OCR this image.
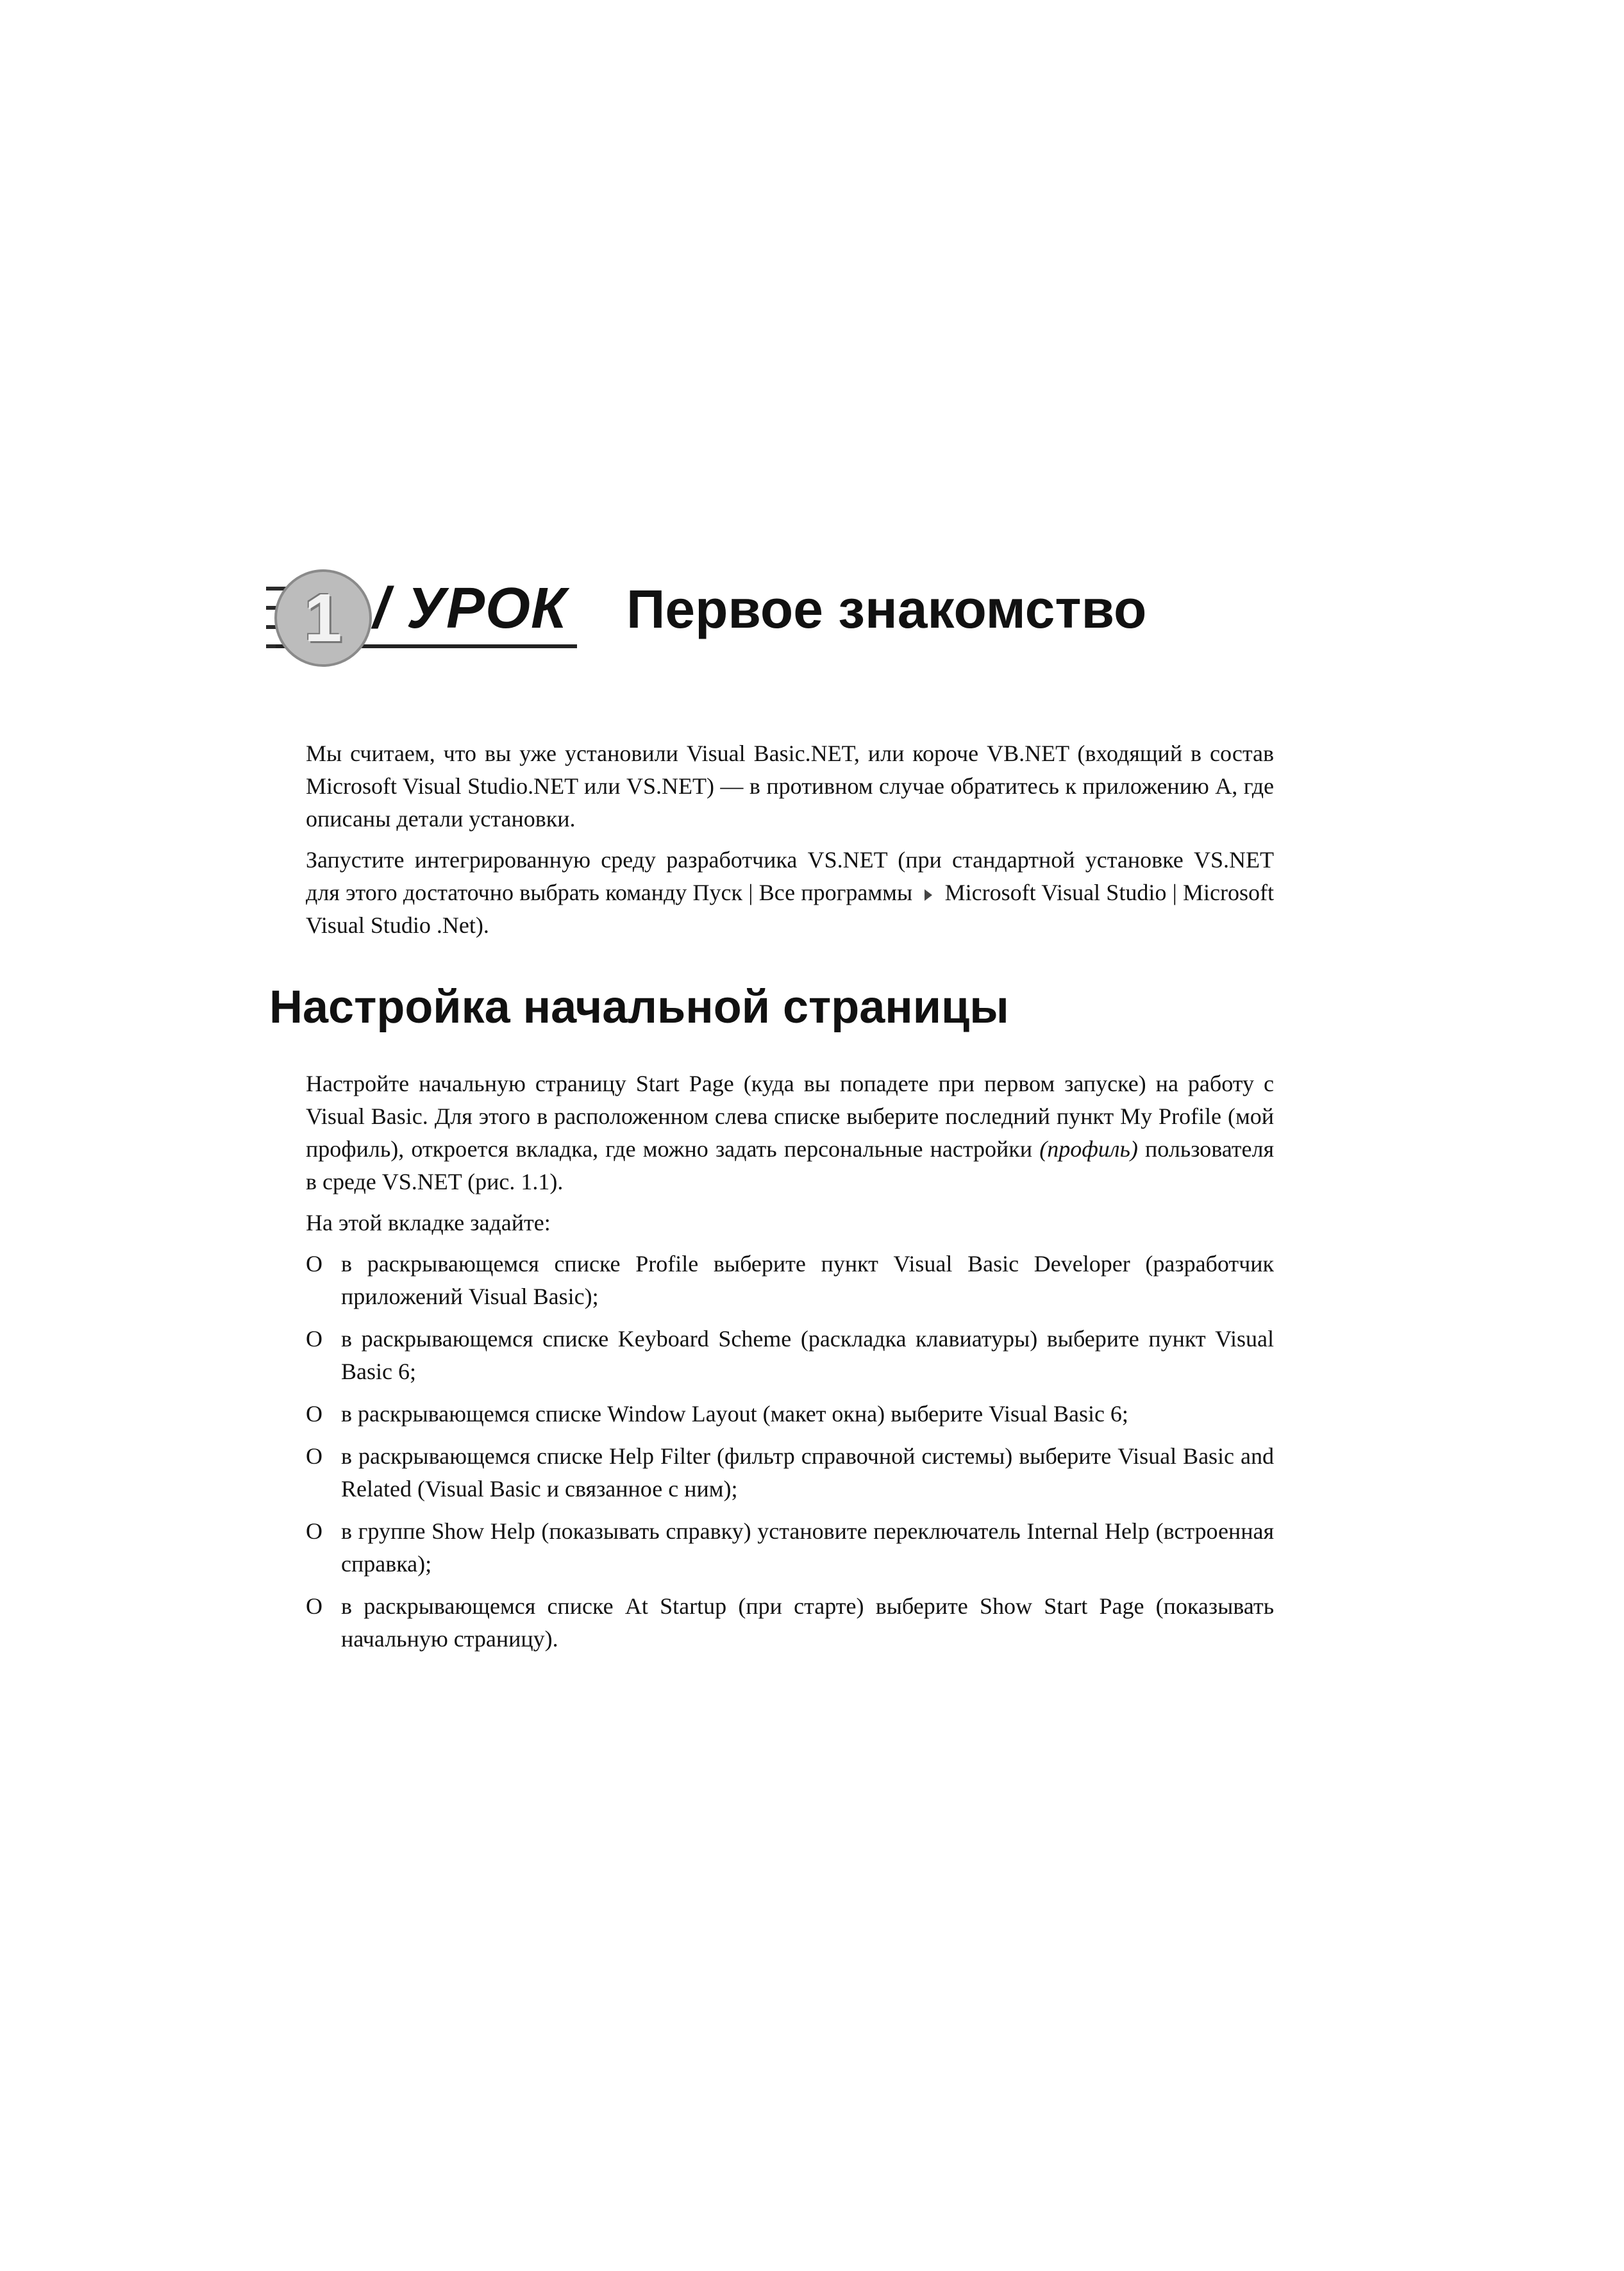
1 / УРОК Первое знакомство

Мы считаем, что вы уже установили Visual Basic.NET, или короче VB.NET (входящий в состав Microsoft Visual Studio.NET или VS.NET) — в противном случае обратитесь к приложению А, где описаны детали установки.

Запустите интегрированную среду разработчика VS.NET (при стандартной установке VS.NET для этого достаточно выбрать команду Пуск | Все программы Microsoft Visual Studio | Microsoft Visual Studio .Net).

Настройка начальной страницы

Настройте начальную страницу Start Page (куда вы попадете при первом запуске) на работу с Visual Basic. Для этого в расположенном слева списке выберите последний пункт My Profile (мой профиль), откроется вкладка, где можно задать персональные настройки (профиль) пользователя в среде VS.NET (рис. 1.1).

На этой вкладке задайте:

О в раскрывающемся списке Profile выберите пункт Visual Basic Developer (разработчик приложений Visual Basic);
О в раскрывающемся списке Keyboard Scheme (раскладка клавиатуры) выберите пункт Visual Basic 6;
О в раскрывающемся списке Window Layout (макет окна) выберите Visual Basic 6;
О в раскрывающемся списке Help Filter (фильтр справочной системы) выберите Visual Basic and Related (Visual Basic и связанное с ним);
О в группе Show Help (показывать справку) установите переключатель Internal Help (встроенная справка);
О в раскрывающемся списке At Startup (при старте) выберите Show Start Page (показывать начальную страницу).
